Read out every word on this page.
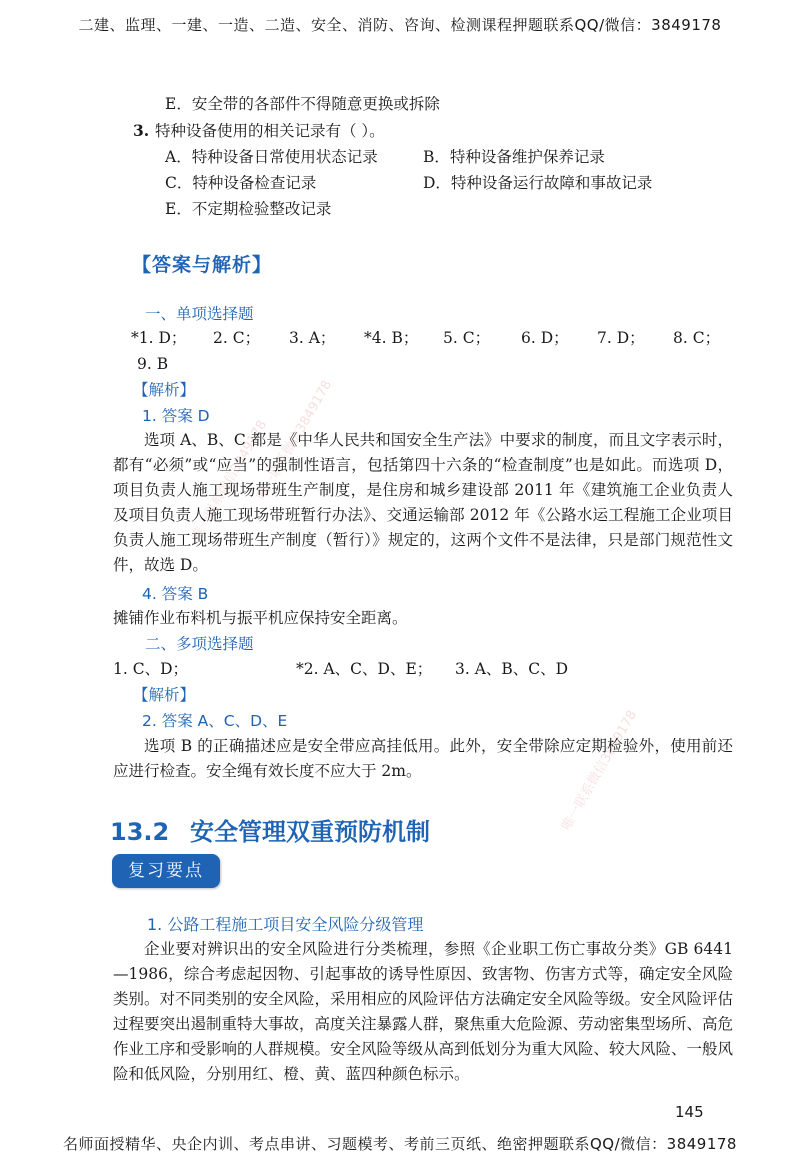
二建、监理、一建、一造、二造、安全、消防、咨询、检测课程押题联系QQ/微信：3849178
唯一联系微信3849178
唯一联系微信3849178
唯一联系微信3849178
E．安全带的各部件不得随意更换或拆除
3. 特种设备使用的相关记录有（ ）。
A．特种设备日常使用状态记录	B．特种设备维护保养记录
C．特种设备检查记录	D．特种设备运行故障和事故记录
E．不定期检验整改记录
【答案与解析】
一、单项选择题
*1. D； 2. C； 3. A； *4. B； 5. C； 6. D； 7. D； 8. C；
9. B
【解析】
1. 答案 D
选项 A、B、C 都是《中华人民共和国安全生产法》中要求的制度，而且文字表示时，都有“必须”或“应当”的强制性语言，包括第四十六条的“检查制度”也是如此。而选项 D，项目负责人施工现场带班生产制度，是住房和城乡建设部 2011 年《建筑施工企业负责人及项目负责人施工现场带班暂行办法》、交通运输部 2012 年《公路水运工程施工企业项目负责人施工现场带班生产制度（暂行）》规定的，这两个文件不是法律，只是部门规范性文件，故选 D。
4. 答案 B
摊铺作业布料机与振平机应保持安全距离。
二、多项选择题
1. C、D；	*2. A、C、D、E； 3. A、B、C、D
【解析】
2. 答案 A、C、D、E
选项 B 的正确描述应是安全带应高挂低用。此外，安全带除应定期检验外，使用前还应进行检查。安全绳有效长度不应大于 2m。
13.2 安全管理双重预防机制
复习要点
1. 公路工程施工项目安全风险分级管理
企业要对辨识出的安全风险进行分类梳理，参照《企业职工伤亡事故分类》GB 6441—1986，综合考虑起因物、引起事故的诱导性原因、致害物、伤害方式等，确定安全风险类别。对不同类别的安全风险，采用相应的风险评估方法确定安全风险等级。安全风险评估过程要突出遏制重特大事故，高度关注暴露人群，聚焦重大危险源、劳动密集型场所、高危作业工序和受影响的人群规模。安全风险等级从高到低划分为重大风险、较大风险、一般风险和低风险，分别用红、橙、黄、蓝四种颜色标示。
145
名师面授精华、央企内训、考点串讲、习题模考、考前三页纸、绝密押题联系QQ/微信：3849178
